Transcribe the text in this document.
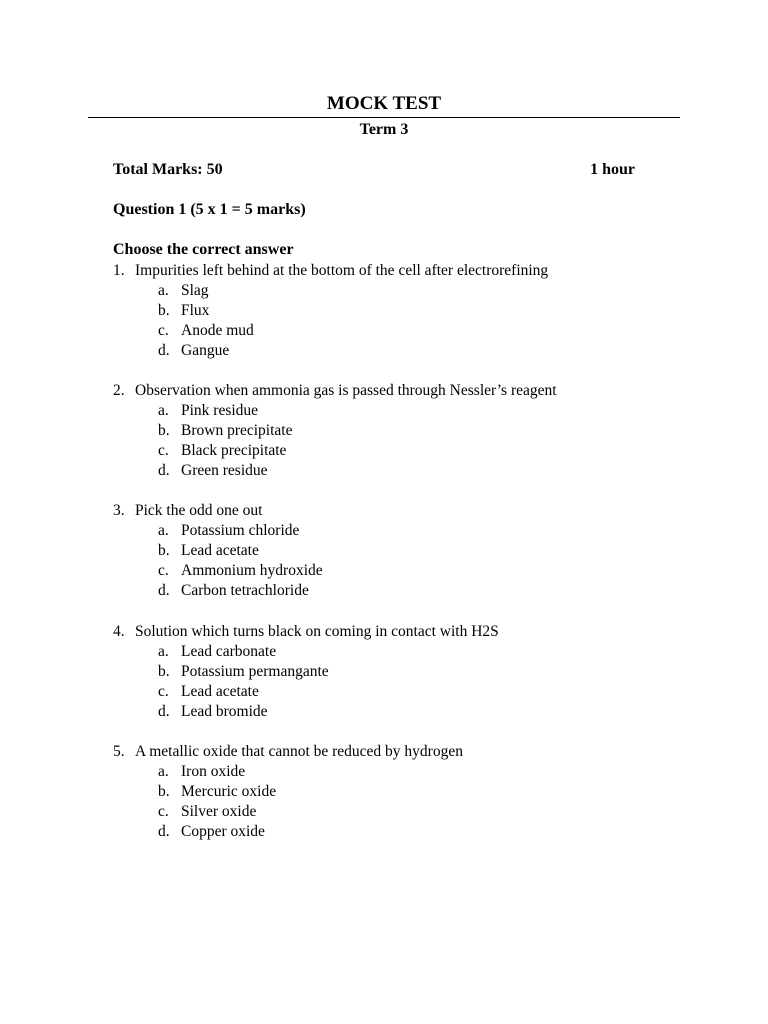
MOCK TEST
Term 3
Total Marks: 50	1 hour
Question 1 (5 x 1 = 5 marks)
Choose the correct answer
1. Impurities left behind at the bottom of the cell after electrorefining
a. Slag
b. Flux
c. Anode mud
d. Gangue
2. Observation when ammonia gas is passed through Nessler’s reagent
a. Pink residue
b. Brown precipitate
c. Black precipitate
d. Green residue
3. Pick the odd one out
a. Potassium chloride
b. Lead acetate
c. Ammonium hydroxide
d. Carbon tetrachloride
4. Solution which turns black on coming in contact with H2S
a. Lead carbonate
b. Potassium permangante
c. Lead acetate
d. Lead bromide
5. A metallic oxide that cannot be reduced by hydrogen
a. Iron oxide
b. Mercuric oxide
c. Silver oxide
d. Copper oxide
